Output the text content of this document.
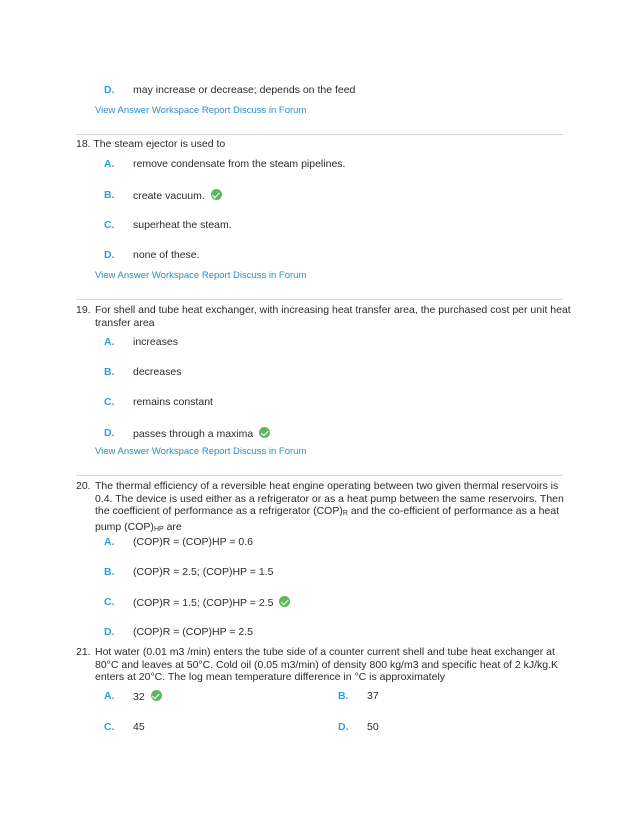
D. may increase or decrease; depends on the feed
View Answer Workspace Report Discuss in Forum
18. The steam ejector is used to
A. remove condensate from the steam pipelines.
B. create vacuum.
C. superheat the steam.
D. none of these.
View Answer Workspace Report Discuss in Forum
19. For shell and tube heat exchanger, with increasing heat transfer area, the purchased cost per unit heat transfer area
A. increases
B. decreases
C. remains constant
D. passes through a maxima
View Answer Workspace Report Discuss in Forum
20. The thermal efficiency of a reversible heat engine operating between two given thermal reservoirs is 0.4. The device is used either as a refrigerator or as a heat pump between the same reservoirs. Then the coefficient of performance as a refrigerator $(COP)_R$ and the co-efficient of performance as a heat pump $(COP)_{HP}$ are
A. (COP)R = (COP)HP = 0.6
B. (COP)R = 2.5; (COP)HP = 1.5
C. (COP)R = 1.5; (COP)HP = 2.5
D. (COP)R = (COP)HP = 2.5
21. Hot water (0.01 m3 /min) enters the tube side of a counter current shell and tube heat exchanger at 80°C and leaves at 50°C. Cold oil (0.05 m3/min) of density 800 kg/m3 and specific heat of 2 kJ/kg.K enters at 20°C. The log mean temperature difference in °C is approximately
A. 32	B. 37
C. 45	D. 50
